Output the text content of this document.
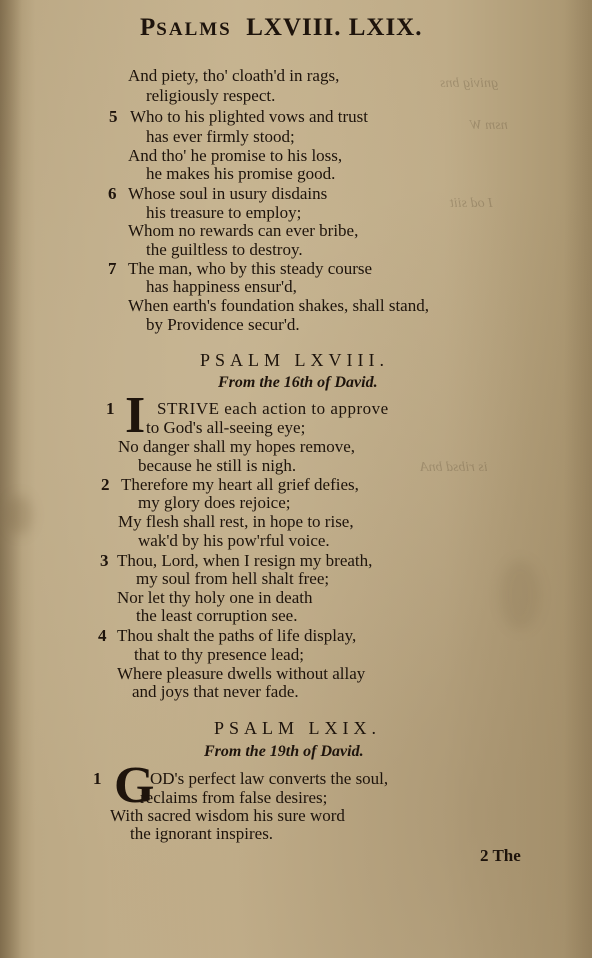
gnivig bns
nsm W
I od siit
is ribsd bnA
PSALMS LXVIII. LXIX.
And piety, tho' cloath'd in rags,
religiously respect.
5 Who to his plighted vows and trust
has ever firmly stood;
And tho' he promise to his loss,
he makes his promise good.
6 Whose soul in usury disdains
his treasure to employ;
Whom no rewards can ever bribe,
the guiltless to destroy.
7 The man, who by this steady course
has happiness ensur'd,
When earth's foundation shakes, shall stand,
by Providence secur'd.
PSALM LXVIII.
From the 16th of David.
I
1	STRIVE each action to approve
to God's all-seeing eye;
No danger shall my hopes remove,
because he still is nigh.
2 Therefore my heart all grief defies,
my glory does rejoice;
My flesh shall rest, in hope to rise,
wak'd by his pow'rful voice.
3 Thou, Lord, when I resign my breath,
my soul from hell shalt free;
Nor let thy holy one in death
the least corruption see.
4 Thou shalt the paths of life display,
that to thy presence lead;
Where pleasure dwells without allay
and joys that never fade.
PSALM LXIX.
From the 19th of David.
G
1	OD's perfect law converts the soul,
reclaims from false desires;
With sacred wisdom his sure word
the ignorant inspires.
2 The
